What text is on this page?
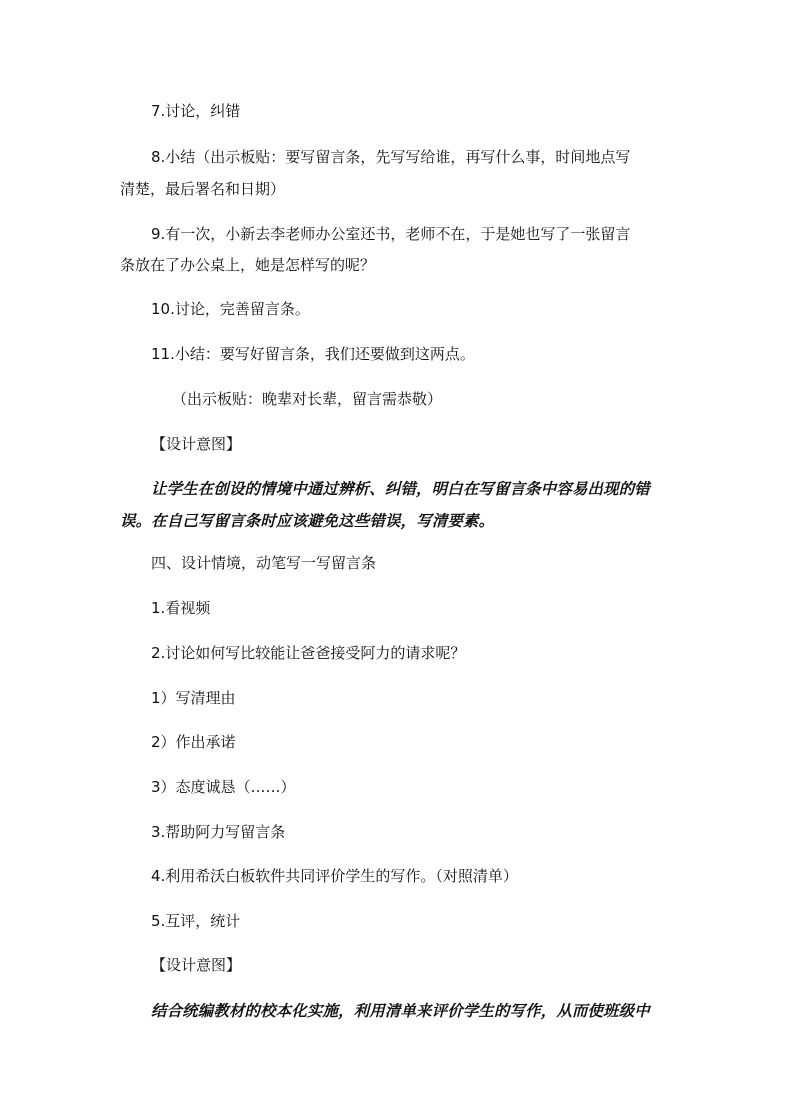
7.讨论，纠错
8.小结（出示板贴：要写留言条，先写写给谁，再写什么事，时间地点写
清楚，最后署名和日期）
9.有一次，小新去李老师办公室还书，老师不在，于是她也写了一张留言
条放在了办公桌上，她是怎样写的呢？
10.讨论，完善留言条。
11.小结：要写好留言条，我们还要做到这两点。
（出示板贴：晚辈对长辈，留言需恭敬）
【设计意图】
让学生在创设的情境中通过辨析、纠错，明白在写留言条中容易出现的错
误。在自己写留言条时应该避免这些错误，写清要素。
四、设计情境，动笔写一写留言条
1.看视频
2.讨论如何写比较能让爸爸接受阿力的请求呢？
1）写清理由
2）作出承诺
3）态度诚恳（……）
3.帮助阿力写留言条
4.利用希沃白板软件共同评价学生的写作。（对照清单）
5.互评，统计
【设计意图】
结合统编教材的校本化实施，利用清单来评价学生的写作，从而使班级中
